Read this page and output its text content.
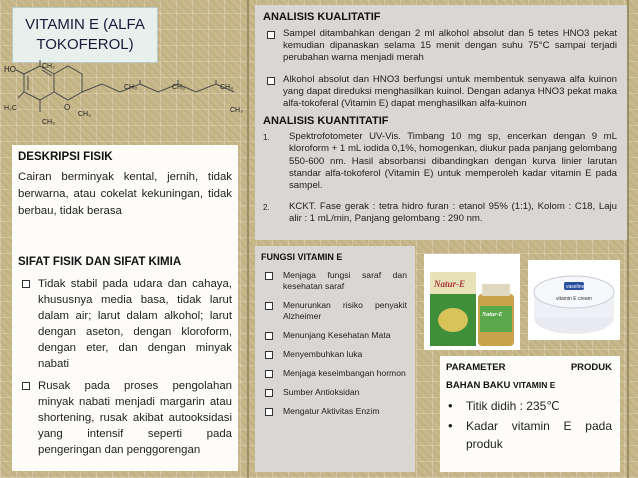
VITAMIN E (ALFA TOKOFEROL)
HO	CH₃
H₃C	O
CH₃
CH₃
CH₃	CH₃	CH₃
CH₃
DESKRIPSI FISIK
Cairan berminyak kental, jernih, tidak berwarna, atau cokelat kekuningan, tidak berbau, tidak berasa
SIFAT FISIK DAN SIFAT KIMIA
Tidak stabil pada udara dan cahaya, khususnya media basa, tidak larut dalam air; larut dalam alkohol; larut dengan aseton, dengan kloroform, dengan eter, dan dengan minyak nabati
Rusak pada proses pengolahan minyak nabati menjadi margarin atau shortening, rusak akibat autooksidasi yang intensif seperti pada pengeringan dan penggorengan
ANALISIS KUALITATIF
Sampel ditambahkan dengan 2 ml alkohol absolut dan 5 tetes HNO3 pekat kemudian dipanaskan selama 15 menit dengan suhu 75°C sampai terjadi perubahan warna menjadi merah
Alkohol absolut dan HNO3 berfungsi untuk membentuk senyawa alfa kuinon yang dapat direduksi menghasilkan kuinol. Dengan adanya HNO3 pekat maka alfa-tokoferal (Vitamin E) dapat menghasilkan alfa-kuinon
ANALISIS KUANTITATIF
1. Spektrofotometer UV-Vis. Timbang 10 mg sp, encerkan dengan 9 mL kloroform + 1 mL iodida 0,1%, homogenkan, diukur pada panjang gelombang 550-600 nm. Hasil absorbansi dibandingkan dengan kurva linier larutan standar alfa-tokoferol (Vitamin E) untuk memperoleh kadar vitamin E pada sampel.
2. KCKT. Fase gerak : tetra hidro furan : etanol 95% (1:1), Kolom : C18, Laju alir : 1 mL/min, Panjang gelombang : 290 nm.
FUNGSI VITAMIN E
Menjaga fungsi saraf dan kesehatan saraf
Menurunkan risiko penyakit Alzheimer
Menunjang Kesehatan Mata
Menyembuhkan luka
Menjaga keseimbangan hormon
Sumber Antioksidan
Mengatur Aktivitas Enzim
Natur-E
Natur-E
vaseline
vitamin E cream
PARAMETER	PRODUK
BAHAN BAKU VITAMIN E
• Titik didih : 235℃
• Kadar vitamin E pada produk
